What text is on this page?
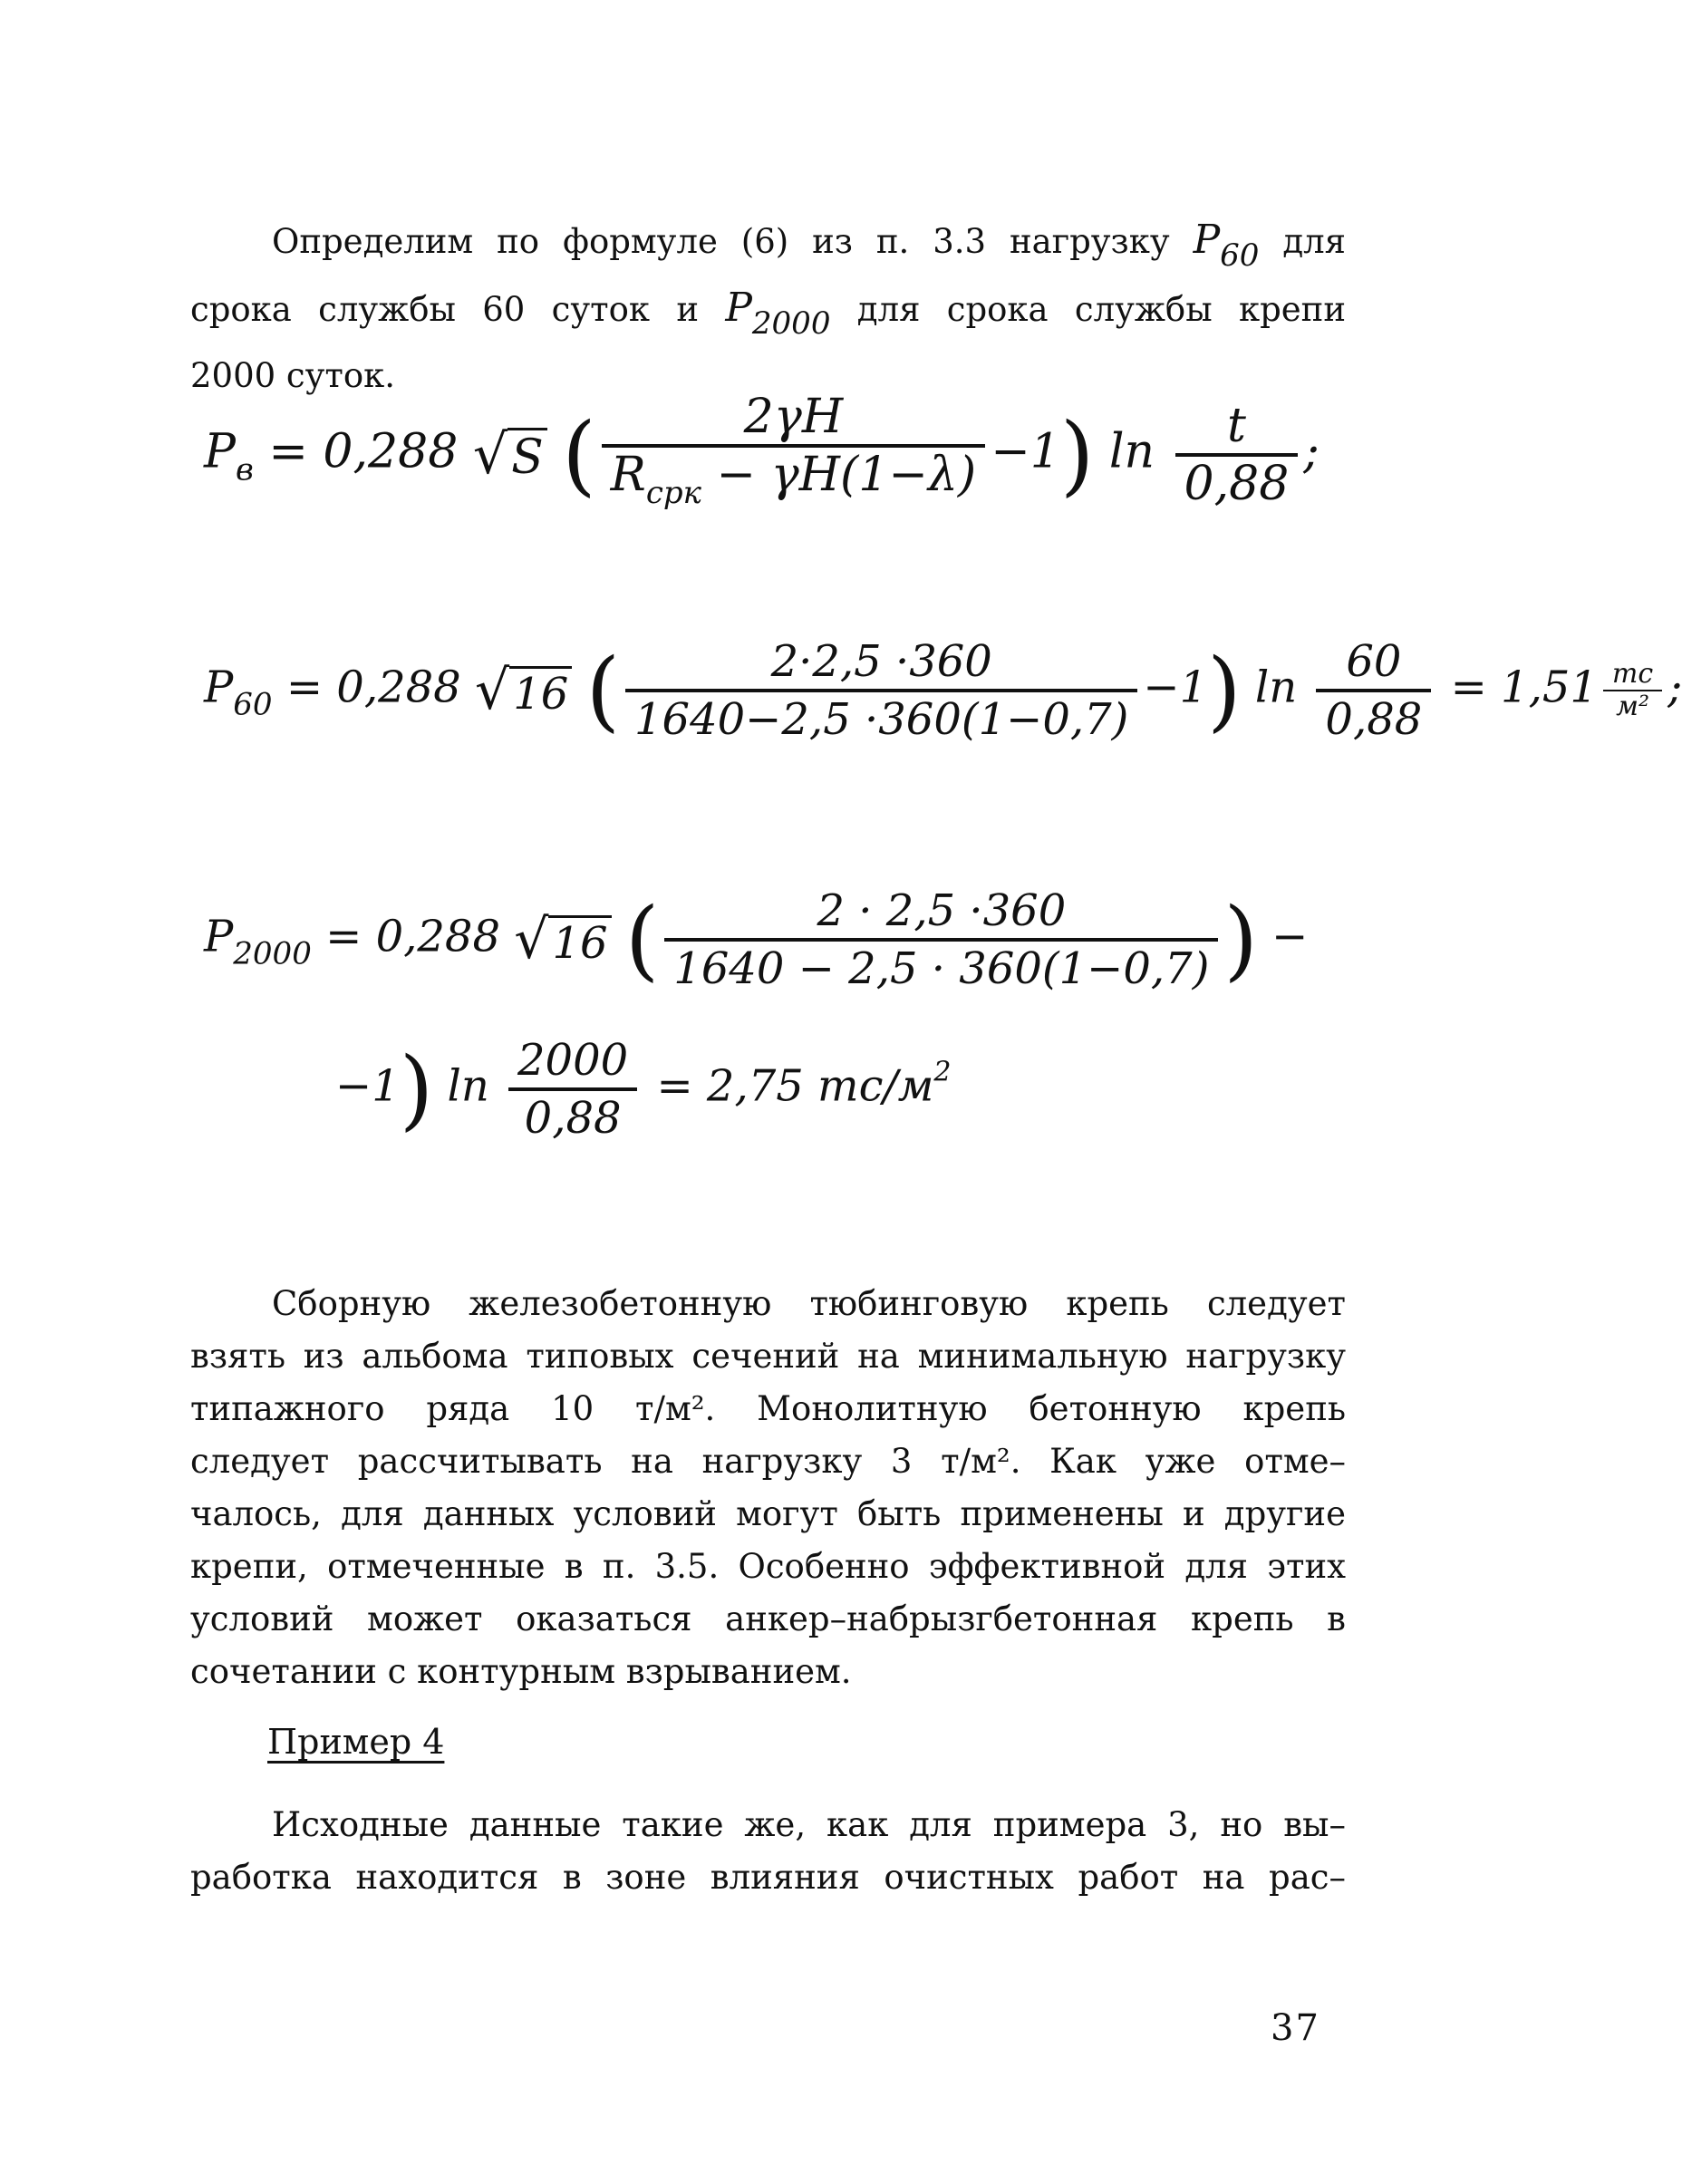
Определим по формуле (6) из п. 3.3 нагрузку $P_{60}$ для

срока службы 60 суток и $P_{2000}$ для срока службы крепи

2000 суток.

$P_в = 0,288$ √S ( $\frac{2\gamma H}{R_{срк} - \gamma H(1-\lambda)} -1$) $\ln \frac{t}{0,88}$ ;
$P_{60} = 0,288$ √16 ( $\frac{2\cdot 2,5 \cdot 360}{1640-2,5 \cdot 360(1-0,7)} -1$) $\ln \frac{60}{0,88} = 1,51 \frac{тс}{\text{м²}}$ ;
$P_{2000} = 0,288$ √16 ( $\frac{2 \cdot 2,5 \cdot 360}{1640 - 2,5 \cdot 360(1-0,7)}$ ) −
−1) $\ln \frac{2000}{0,88} = 2,75$ $тс/м^2$

Сборную железобетонную тюбинговую крепь следует

взять из альбома типовых сечений на минимальную нагрузку

типажного ряда 10 т/м². Монолитную бетонную крепь

следует рассчитывать на нагрузку 3 т/м². Как уже отме–

чалось, для данных условий могут быть применены и другие

крепи, отмеченные в п. 3.5. Особенно эффективной для этих

условий может оказаться анкер–набрызгбетонная крепь в

сочетании с контурным взрыванием.

Пример 4

Исходные данные такие же, как для примера 3, но вы–

работка находится в зоне влияния очистных работ на рас–

37
